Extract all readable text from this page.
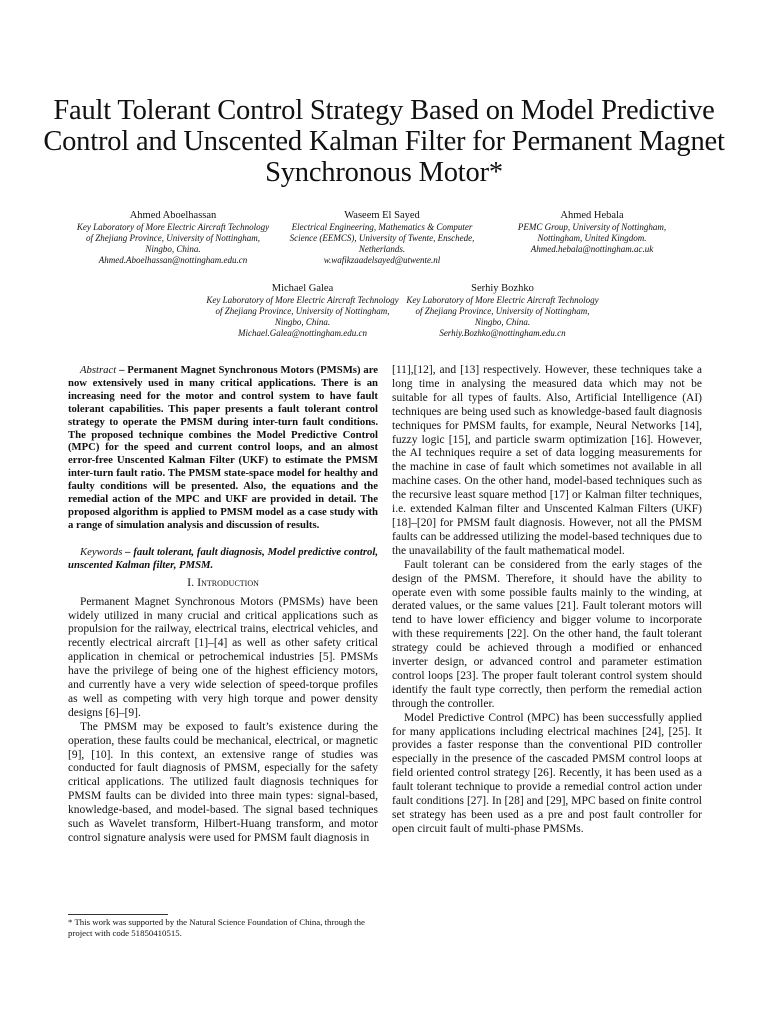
Fault Tolerant Control Strategy Based on Model Predictive Control and Unscented Kalman Filter for Permanent Magnet Synchronous Motor*
Ahmed Aboelhassan
Key Laboratory of More Electric Aircraft Technology of Zhejiang Province, University of Nottingham, Ningbo, China.
Ahmed.Aboelhassan@nottingham.edu.cn
Waseem El Sayed
Electrical Engineering, Mathematics & Computer Science (EEMCS), University of Twente, Enschede, Netherlands.
w.wafikzaadelsayed@utwente.nl
Ahmed Hebala
PEMC Group, University of Nottingham, Nottingham, United Kingdom.
Ahmed.hebala@nottingham.ac.uk
Michael Galea
Key Laboratory of More Electric Aircraft Technology of Zhejiang Province, University of Nottingham, Ningbo, China.
Michael.Galea@nottingham.edu.cn
Serhiy Bozhko
Key Laboratory of More Electric Aircraft Technology of Zhejiang Province, University of Nottingham, Ningbo, China.
Serhiy.Bozhko@nottingham.edu.cn

Abstract – Permanent Magnet Synchronous Motors (PMSMs) are now extensively used in many critical applications. There is an increasing need for the motor and control system to have fault tolerant capabilities. This paper presents a fault tolerant control strategy to operate the PMSM during inter-turn fault conditions. The proposed technique combines the Model Predictive Control (MPC) for the speed and current control loops, and an almost error-free Unscented Kalman Filter (UKF) to estimate the PMSM inter-turn fault ratio. The PMSM state-space model for healthy and faulty conditions will be presented. Also, the equations and the remedial action of the MPC and UKF are provided in detail. The proposed algorithm is applied to PMSM model as a case study with a range of simulation analysis and discussion of results.

Keywords – fault tolerant, fault diagnosis, Model predictive control, unscented Kalman filter, PMSM.

I. Introduction

Permanent Magnet Synchronous Motors (PMSMs) have been widely utilized in many crucial and critical applications such as propulsion for the railway, electrical trains, electrical vehicles, and recently electrical aircraft [1]–[4] as well as other safety critical application in chemical or petrochemical industries [5]. PMSMs have the privilege of being one of the highest efficiency motors, and currently have a very wide selection of speed-torque profiles as well as competing with very high torque and power density designs [6]–[9].

The PMSM may be exposed to fault’s existence during the operation, these faults could be mechanical, electrical, or magnetic [9], [10]. In this context, an extensive range of studies was conducted for fault diagnosis of PMSM, especially for the safety critical applications. The utilized fault diagnosis techniques for PMSM faults can be divided into three main types: signal-based, knowledge-based, and model-based. The signal based techniques such as Wavelet transform, Hilbert-Huang transform, and motor control signature analysis were used for PMSM fault diagnosis in

[11],[12], and [13] respectively. However, these techniques take a long time in analysing the measured data which may not be suitable for all types of faults. Also, Artificial Intelligence (AI) techniques are being used such as knowledge-based fault diagnosis techniques for PMSM faults, for example, Neural Networks [14], fuzzy logic [15], and particle swarm optimization [16]. However, the AI techniques require a set of data logging measurements for the machine in case of fault which sometimes not available in all machine cases. On the other hand, model-based techniques such as the recursive least square method [17] or Kalman filter techniques, i.e. extended Kalman filter and Unscented Kalman Filters (UKF) [18]–[20] for PMSM fault diagnosis. However, not all the PMSM faults can be addressed utilizing the model-based techniques due to the unavailability of the fault mathematical model.

Fault tolerant can be considered from the early stages of the design of the PMSM. Therefore, it should have the ability to operate even with some possible faults mainly to the winding, at derated values, or the same values [21]. Fault tolerant motors will tend to have lower efficiency and bigger volume to incorporate with these requirements [22]. On the other hand, the fault tolerant strategy could be achieved through a modified or enhanced inverter design, or advanced control and parameter estimation control loops [23]. The proper fault tolerant control system should identify the fault type correctly, then perform the remedial action through the controller.

Model Predictive Control (MPC) has been successfully applied for many applications including electrical machines [24], [25]. It provides a faster response than the conventional PID controller especially in the presence of the cascaded PMSM control loops at field oriented control strategy [26]. Recently, it has been used as a fault tolerant technique to provide a remedial control action under fault conditions [27]. In [28] and [29], MPC based on finite control set strategy has been used as a pre and post fault controller for open circuit fault of multi-phase PMSMs.

* This work was supported by the Natural Science Foundation of China, through the project with code 51850410515.
